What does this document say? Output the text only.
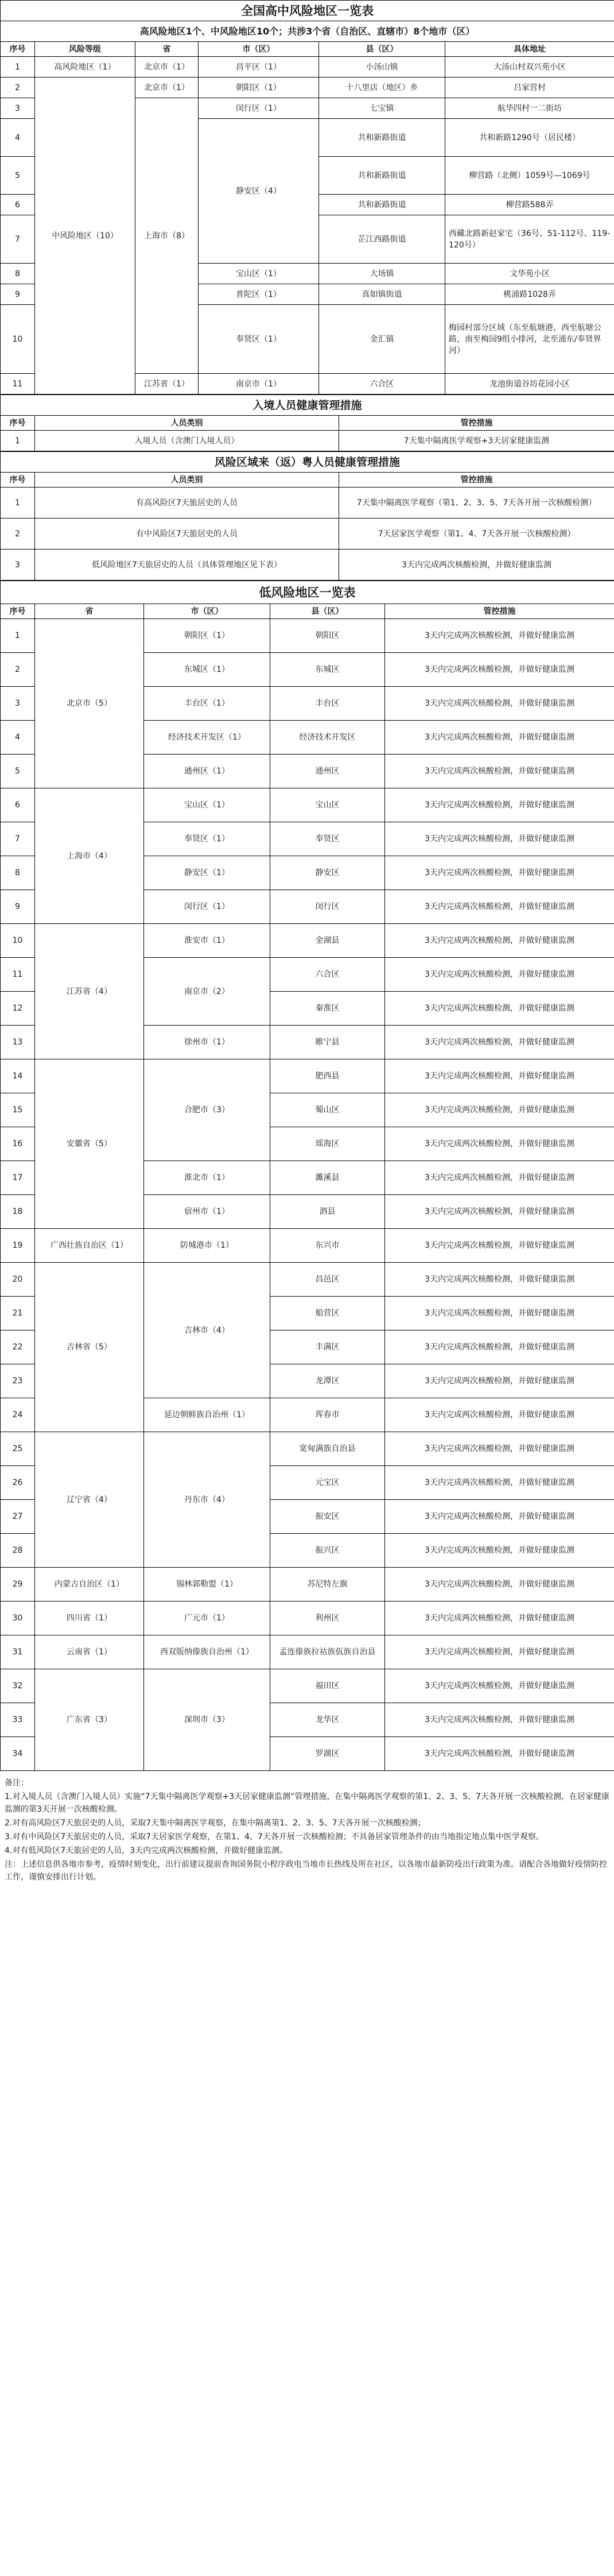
全国高中风险地区一览表					
高风险地区1个、中风险地区10个；共涉3个省（自治区、直辖市）8个地市（区）					
序号	风险等级	省	市（区）	县（区）	具体地址
1	高风险地区（1）	北京市（1）	昌平区（1）	小汤山镇	大汤山村双兴苑小区
2	中风险地区（10）	北京市（1）	朝阳区（1）	十八里店（地区）乡	吕家营村
3		上海市（8）	闵行区（1）	七宝镇	航华四村一二街坊
4			静安区（4）	共和新路街道	共和新路1290号（居民楼）
5				共和新路街道	柳营路（北侧）1059号—1069号
6				共和新路街道	柳营路588弄
7				芷江西路街道	西藏北路新赵家宅（36号、51-112号、119-120号）
8			宝山区（1）	大场镇	文华苑小区
9			普陀区（1）	真如镇街道	桃浦路1028弄
10			奉贤区（1）	金汇镇	梅园村部分区域（东至航塘港，西至航塘公路，南至梅园9组小排河，北至浦东/奉贤界河）
11		江苏省（1）	南京市（1）	六合区	龙池街道谷坊花园小区
入境人员健康管理措施		
序号	人员类别	管控措施
1	入境人员（含澳门入境人员）	7天集中隔离医学观察+3天居家健康监测
风险区域来（返）粤人员健康管理措施		
序号	人员类别	管控措施
1	有高风险区7天旅居史的人员	7天集中隔离医学观察（第1、2、3、5、7天各开展一次核酸检测）
2	有中风险区7天旅居史的人员	7天居家医学观察（第1、4、7天各开展一次核酸检测）
3	低风险地区7天旅居史的人员（具体管理地区见下表）	3天内完成两次核酸检测，并做好健康监测
低风险地区一览表				
序号	省	市（区）	县（区）	管控措施
1	北京市（5）	朝阳区（1）	朝阳区	3天内完成两次核酸检测，并做好健康监测
2		东城区（1）	东城区	3天内完成两次核酸检测，并做好健康监测
3		丰台区（1）	丰台区	3天内完成两次核酸检测，并做好健康监测
4		经济技术开发区（1）	经济技术开发区	3天内完成两次核酸检测，并做好健康监测
5		通州区（1）	通州区	3天内完成两次核酸检测，并做好健康监测
6	上海市（4）	宝山区（1）	宝山区	3天内完成两次核酸检测，并做好健康监测
7		奉贤区（1）	奉贤区	3天内完成两次核酸检测，并做好健康监测
8		静安区（1）	静安区	3天内完成两次核酸检测，并做好健康监测
9		闵行区（1）	闵行区	3天内完成两次核酸检测，并做好健康监测
10	江苏省（4）	淮安市（1）	金湖县	3天内完成两次核酸检测，并做好健康监测
11		南京市（2）	六合区	3天内完成两次核酸检测，并做好健康监测
12			秦淮区	3天内完成两次核酸检测，并做好健康监测
13		徐州市（1）	睢宁县	3天内完成两次核酸检测，并做好健康监测
14	安徽省（5）	合肥市（3）	肥西县	3天内完成两次核酸检测，并做好健康监测
15			蜀山区	3天内完成两次核酸检测，并做好健康监测
16			瑶海区	3天内完成两次核酸检测，并做好健康监测
17		淮北市（1）	濉溪县	3天内完成两次核酸检测，并做好健康监测
18		宿州市（1）	泗县	3天内完成两次核酸检测，并做好健康监测
19	广西壮族自治区（1）	防城港市（1）	东兴市	3天内完成两次核酸检测，并做好健康监测
20	吉林省（5）	吉林市（4）	昌邑区	3天内完成两次核酸检测，并做好健康监测
21			船营区	3天内完成两次核酸检测，并做好健康监测
22			丰满区	3天内完成两次核酸检测，并做好健康监测
23			龙潭区	3天内完成两次核酸检测，并做好健康监测
24		延边朝鲜族自治州（1）	珲春市	3天内完成两次核酸检测，并做好健康监测
25	辽宁省（4）	丹东市（4）	宽甸满族自治县	3天内完成两次核酸检测，并做好健康监测
26			元宝区	3天内完成两次核酸检测，并做好健康监测
27			振安区	3天内完成两次核酸检测，并做好健康监测
28			振兴区	3天内完成两次核酸检测，并做好健康监测
29	内蒙古自治区（1）	锡林郭勒盟（1）	苏尼特左旗	3天内完成两次核酸检测，并做好健康监测
30	四川省（1）	广元市（1）	利州区	3天内完成两次核酸检测，并做好健康监测
31	云南省（1）	西双版纳傣族自治州（1）	孟连傣族拉祜族佤族自治县	3天内完成两次核酸检测，并做好健康监测
32	广东省（3）	深圳市（3）	福田区	3天内完成两次核酸检测，并做好健康监测
33			龙华区	3天内完成两次核酸检测，并做好健康监测
34			罗湖区	3天内完成两次核酸检测，并做好健康监测
备注：
1.对入境人员（含澳门入境人员）实施“7天集中隔离医学观察+3天居家健康监测”管理措施，在集中隔离医学观察的第1、2、3、5、7天各开展一次核酸检测，在居家健康监测的第3天开展一次核酸检测。
2.对有高风险区7天旅居史的人员，采取7天集中隔离医学观察，在集中隔离第1、2、3、5、7天各开展一次核酸检测；
3.对有中风险区7天旅居史的人员，采取7天居家医学观察，在第1、4、7天各开展一次核酸检测；不具备居家管理条件的由当地指定地点集中医学观察。
4.对有低风险区7天旅居史的人员，3天内完成两次核酸检测，并做好健康监测。
注：上述信息供各地市参考，疫情时刻变化，出行前建议提前查询国务院小程序政电当地市长热线及所在社区，以各地市最新防疫出行政策为准。请配合各地做好疫情防控工作，谨慎安排出行计划。
